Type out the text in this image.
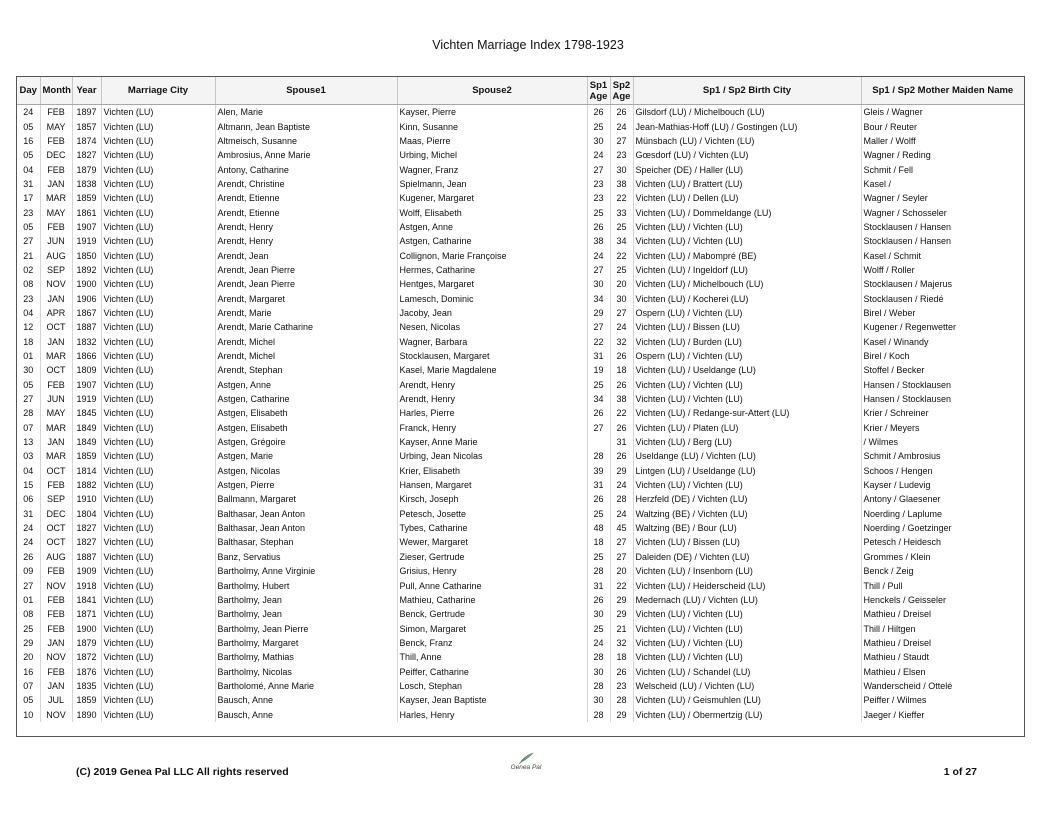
Vichten Marriage Index 1798-1923
Day	Month	Year	Marriage City	Spouse1	Spouse2	Sp1 Age	Sp2 Age	Sp1 / Sp2 Birth City	Sp1 / Sp2 Mother Maiden Name
24	FEB	1897	Vichten (LU)	Alen, Marie	Kayser, Pierre	26	26	Gilsdorf (LU) / Michelbouch (LU)	Gleis / Wagner
05	MAY	1857	Vichten (LU)	Altmann, Jean Baptiste	Kinn, Susanne	25	24	Jean-Mathias-Hoff (LU) / Gostingen (LU)	Bour / Reuter
16	FEB	1874	Vichten (LU)	Altmeisch, Susanne	Maas, Pierre	30	27	Münsbach (LU) / Vichten (LU)	Maller / Wolff
05	DEC	1827	Vichten (LU)	Ambrosius, Anne Marie	Urbing, Michel	24	23	Gœsdorf (LU) / Vichten (LU)	Wagner / Reding
04	FEB	1879	Vichten (LU)	Antony, Catharine	Wagner, Franz	27	30	Speicher (DE) / Haller (LU)	Schmit / Fell
31	JAN	1838	Vichten (LU)	Arendt, Christine	Spielmann, Jean	23	38	Vichten (LU) / Brattert (LU)	Kasel /
17	MAR	1859	Vichten (LU)	Arendt, Etienne	Kugener, Margaret	23	22	Vichten (LU) / Dellen (LU)	Wagner / Seyler
23	MAY	1861	Vichten (LU)	Arendt, Etienne	Wolff, Elisabeth	25	33	Vichten (LU) / Dommeldange (LU)	Wagner / Schosseler
05	FEB	1907	Vichten (LU)	Arendt, Henry	Astgen, Anne	26	25	Vichten (LU) / Vichten (LU)	Stocklausen / Hansen
27	JUN	1919	Vichten (LU)	Arendt, Henry	Astgen, Catharine	38	34	Vichten (LU) / Vichten (LU)	Stocklausen / Hansen
21	AUG	1850	Vichten (LU)	Arendt, Jean	Collignon, Marie Françoise	24	22	Vichten (LU) / Mabompré (BE)	Kasel / Schmit
02	SEP	1892	Vichten (LU)	Arendt, Jean Pierre	Hermes, Catharine	27	25	Vichten (LU) / Ingeldorf (LU)	Wolff / Roller
08	NOV	1900	Vichten (LU)	Arendt, Jean Pierre	Hentges, Margaret	30	20	Vichten (LU) / Michelbouch (LU)	Stocklausen / Majerus
23	JAN	1906	Vichten (LU)	Arendt, Margaret	Lamesch, Dominic	34	30	Vichten (LU) / Kocherei (LU)	Stocklausen / Riedé
04	APR	1867	Vichten (LU)	Arendt, Marie	Jacoby, Jean	29	27	Ospern (LU) / Vichten (LU)	Birel / Weber
12	OCT	1887	Vichten (LU)	Arendt, Marie Catharine	Nesen, Nicolas	27	24	Vichten (LU) / Bissen (LU)	Kugener / Regenwetter
18	JAN	1832	Vichten (LU)	Arendt, Michel	Wagner, Barbara	22	32	Vichten (LU) / Burden (LU)	Kasel / Winandy
01	MAR	1866	Vichten (LU)	Arendt, Michel	Stocklausen, Margaret	31	26	Ospern (LU) / Vichten (LU)	Birel / Koch
30	OCT	1809	Vichten (LU)	Arendt, Stephan	Kasel, Marie Magdalene	19	18	Vichten (LU) / Useldange (LU)	Stoffel / Becker
05	FEB	1907	Vichten (LU)	Astgen, Anne	Arendt, Henry	25	26	Vichten (LU) / Vichten (LU)	Hansen / Stocklausen
27	JUN	1919	Vichten (LU)	Astgen, Catharine	Arendt, Henry	34	38	Vichten (LU) / Vichten (LU)	Hansen / Stocklausen
28	MAY	1845	Vichten (LU)	Astgen, Elisabeth	Harles, Pierre	26	22	Vichten (LU) / Redange-sur-Attert (LU)	Krier / Schreiner
07	MAR	1849	Vichten (LU)	Astgen, Elisabeth	Franck, Henry	27	26	Vichten (LU) / Platen (LU)	Krier / Meyers
13	JAN	1849	Vichten (LU)	Astgen, Grégoire	Kayser, Anne Marie		31	Vichten (LU) / Berg (LU)	/ Wilmes
03	MAR	1859	Vichten (LU)	Astgen, Marie	Urbing, Jean Nicolas	28	26	Useldange (LU) / Vichten (LU)	Schmit / Ambrosius
04	OCT	1814	Vichten (LU)	Astgen, Nicolas	Krier, Elisabeth	39	29	Lintgen (LU) / Useldange (LU)	Schoos / Hengen
15	FEB	1882	Vichten (LU)	Astgen, Pierre	Hansen, Margaret	31	24	Vichten (LU) / Vichten (LU)	Kayser / Ludevig
06	SEP	1910	Vichten (LU)	Ballmann, Margaret	Kirsch, Joseph	26	28	Herzfeld (DE) / Vichten (LU)	Antony / Glaesener
31	DEC	1804	Vichten (LU)	Balthasar, Jean Anton	Petesch, Josette	25	24	Waltzing (BE) / Vichten (LU)	Noerding / Laplume
24	OCT	1827	Vichten (LU)	Balthasar, Jean Anton	Tybes, Catharine	48	45	Waltzing (BE) / Bour (LU)	Noerding / Goetzinger
24	OCT	1827	Vichten (LU)	Balthasar, Stephan	Wewer, Margaret	18	27	Vichten (LU) / Bissen (LU)	Petesch / Heidesch
26	AUG	1887	Vichten (LU)	Banz, Servatius	Zieser, Gertrude	25	27	Daleiden (DE) / Vichten (LU)	Grommes / Klein
09	FEB	1909	Vichten (LU)	Bartholmy, Anne Virginie	Grisius, Henry	28	20	Vichten (LU) / Insenborn (LU)	Benck / Zeig
27	NOV	1918	Vichten (LU)	Bartholmy, Hubert	Pull, Anne Catharine	31	22	Vichten (LU) / Heiderscheid (LU)	Thill / Pull
01	FEB	1841	Vichten (LU)	Bartholmy, Jean	Mathieu, Catharine	26	29	Medernach (LU) / Vichten (LU)	Henckels / Geisseler
08	FEB	1871	Vichten (LU)	Bartholmy, Jean	Benck, Gertrude	30	29	Vichten (LU) / Vichten (LU)	Mathieu / Dreisel
25	FEB	1900	Vichten (LU)	Bartholmy, Jean Pierre	Simon, Margaret	25	21	Vichten (LU) / Vichten (LU)	Thill / Hiltgen
29	JAN	1879	Vichten (LU)	Bartholmy, Margaret	Benck, Franz	24	32	Vichten (LU) / Vichten (LU)	Mathieu / Dreisel
20	NOV	1872	Vichten (LU)	Bartholmy, Mathias	Thill, Anne	28	18	Vichten (LU) / Vichten (LU)	Mathieu / Staudt
16	FEB	1876	Vichten (LU)	Bartholmy, Nicolas	Peiffer, Catharine	30	26	Vichten (LU) / Schandel (LU)	Mathieu / Elsen
07	JAN	1835	Vichten (LU)	Bartholomé, Anne Marie	Losch, Stephan	28	23	Welscheid (LU) / Vichten (LU)	Wanderscheid / Ottelé
05	JUL	1859	Vichten (LU)	Bausch, Anne	Kayser, Jean Baptiste	30	28	Vichten (LU) / Geismuhlen (LU)	Peiffer / Wilmes
10	NOV	1890	Vichten (LU)	Bausch, Anne	Harles, Henry	28	29	Vichten (LU) / Obermertzig (LU)	Jaeger / Kieffer
(C) 2019 Genea Pal LLC All rights reserved	Genea Pal	1 of 27
